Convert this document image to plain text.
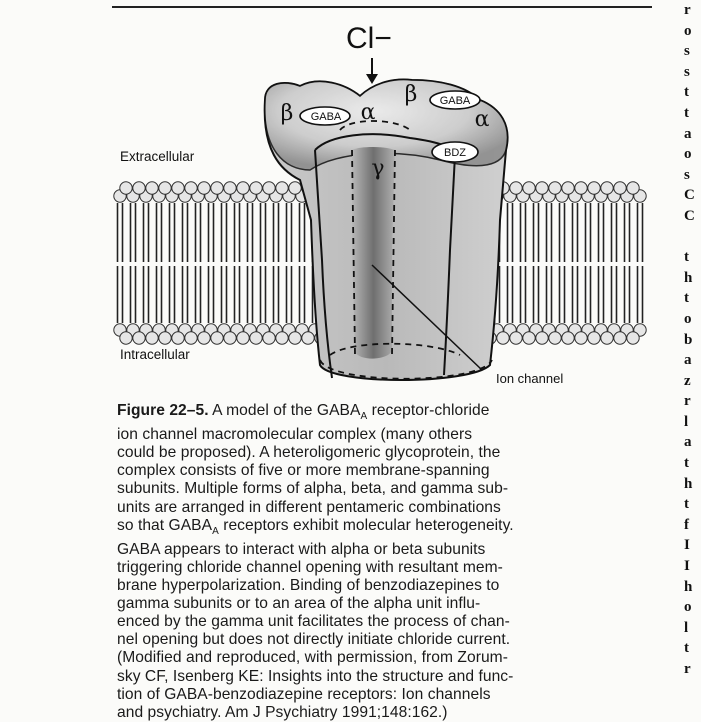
GABA
GABA
BDZ
β	α
β
α
γ
Cl−
Extracellular
Intracellular
Ion channel
Figure 22–5. A model of the $GABA_A$ receptor-chloride
ion channel macromolecular complex (many others
could be proposed). A heteroligomeric glycoprotein, the
complex consists of five or more membrane-spanning
subunits. Multiple forms of alpha, beta, and gamma sub-
units are arranged in different pentameric combinations
so that $GABA_A$ receptors exhibit molecular heterogeneity.
GABA appears to interact with alpha or beta subunits
triggering chloride channel opening with resultant mem-
brane hyperpolarization. Binding of benzodiazepines to
gamma subunits or to an area of the alpha unit influ-
enced by the gamma unit facilitates the process of chan-
nel opening but does not directly initiate chloride current.
(Modified and reproduced, with permission, from Zorum-
sky CF, Isenberg KE: Insights into the structure and func-
tion of GABA-benzodiazepine receptors: Ion channels
and psychiatry. Am J Psychiatry 1991;148:162.)
r
o
s
s
t
t
a
o
s
C
C
t
h
t
o
b
a
z
r
l
a
t
h
t
f
I
I
h
o
l
t
r
